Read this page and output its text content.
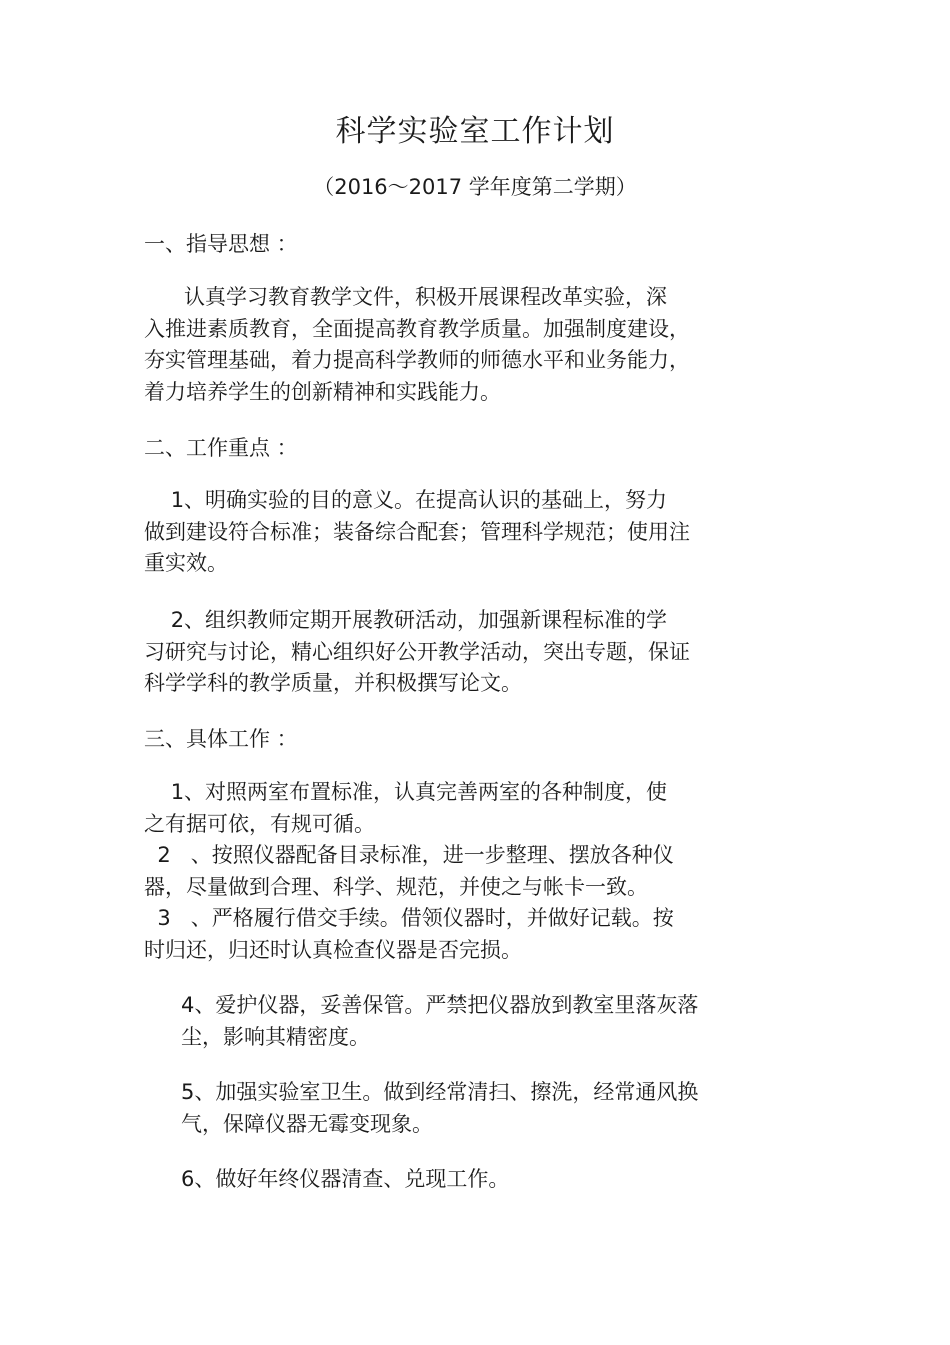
科学实验室工作计划
（2016～2017 学年度第二学期）
一、指导思想 ：
认真学习教育教学文件，积极开展课程改革实验，深
入推进素质教育，全面提高教育教学质量。加强制度建设，
夯实管理基础，着力提高科学教师的师德水平和业务能力，
着力培养学生的创新精神和实践能力。
二、工作重点 ：
1、明确实验的目的意义。在提高认识的基础上，努力
做到建设符合标准；装备综合配套；管理科学规范；使用注
重实效。
2、组织教师定期开展教研活动，加强新课程标准的学
习研究与讨论，精心组织好公开教学活动，突出专题，保证
科学学科的教学质量，并积极撰写论文。
三、具体工作 ：
1、对照两室布置标准，认真完善两室的各种制度，使
之有据可依，有规可循。
2   、按照仪器配备目录标准，进一步整理、摆放各种仪
器，尽量做到合理、科学、规范，并使之与帐卡一致。
3   、严格履行借交手续。借领仪器时，并做好记载。按
时归还，归还时认真检查仪器是否完损。
4、爱护仪器，妥善保管。严禁把仪器放到教室里落灰落
尘，影响其精密度。
5、加强实验室卫生。做到经常清扫、擦洗，经常通风换
气，保障仪器无霉变现象。
6、做好年终仪器清查、兑现工作。
